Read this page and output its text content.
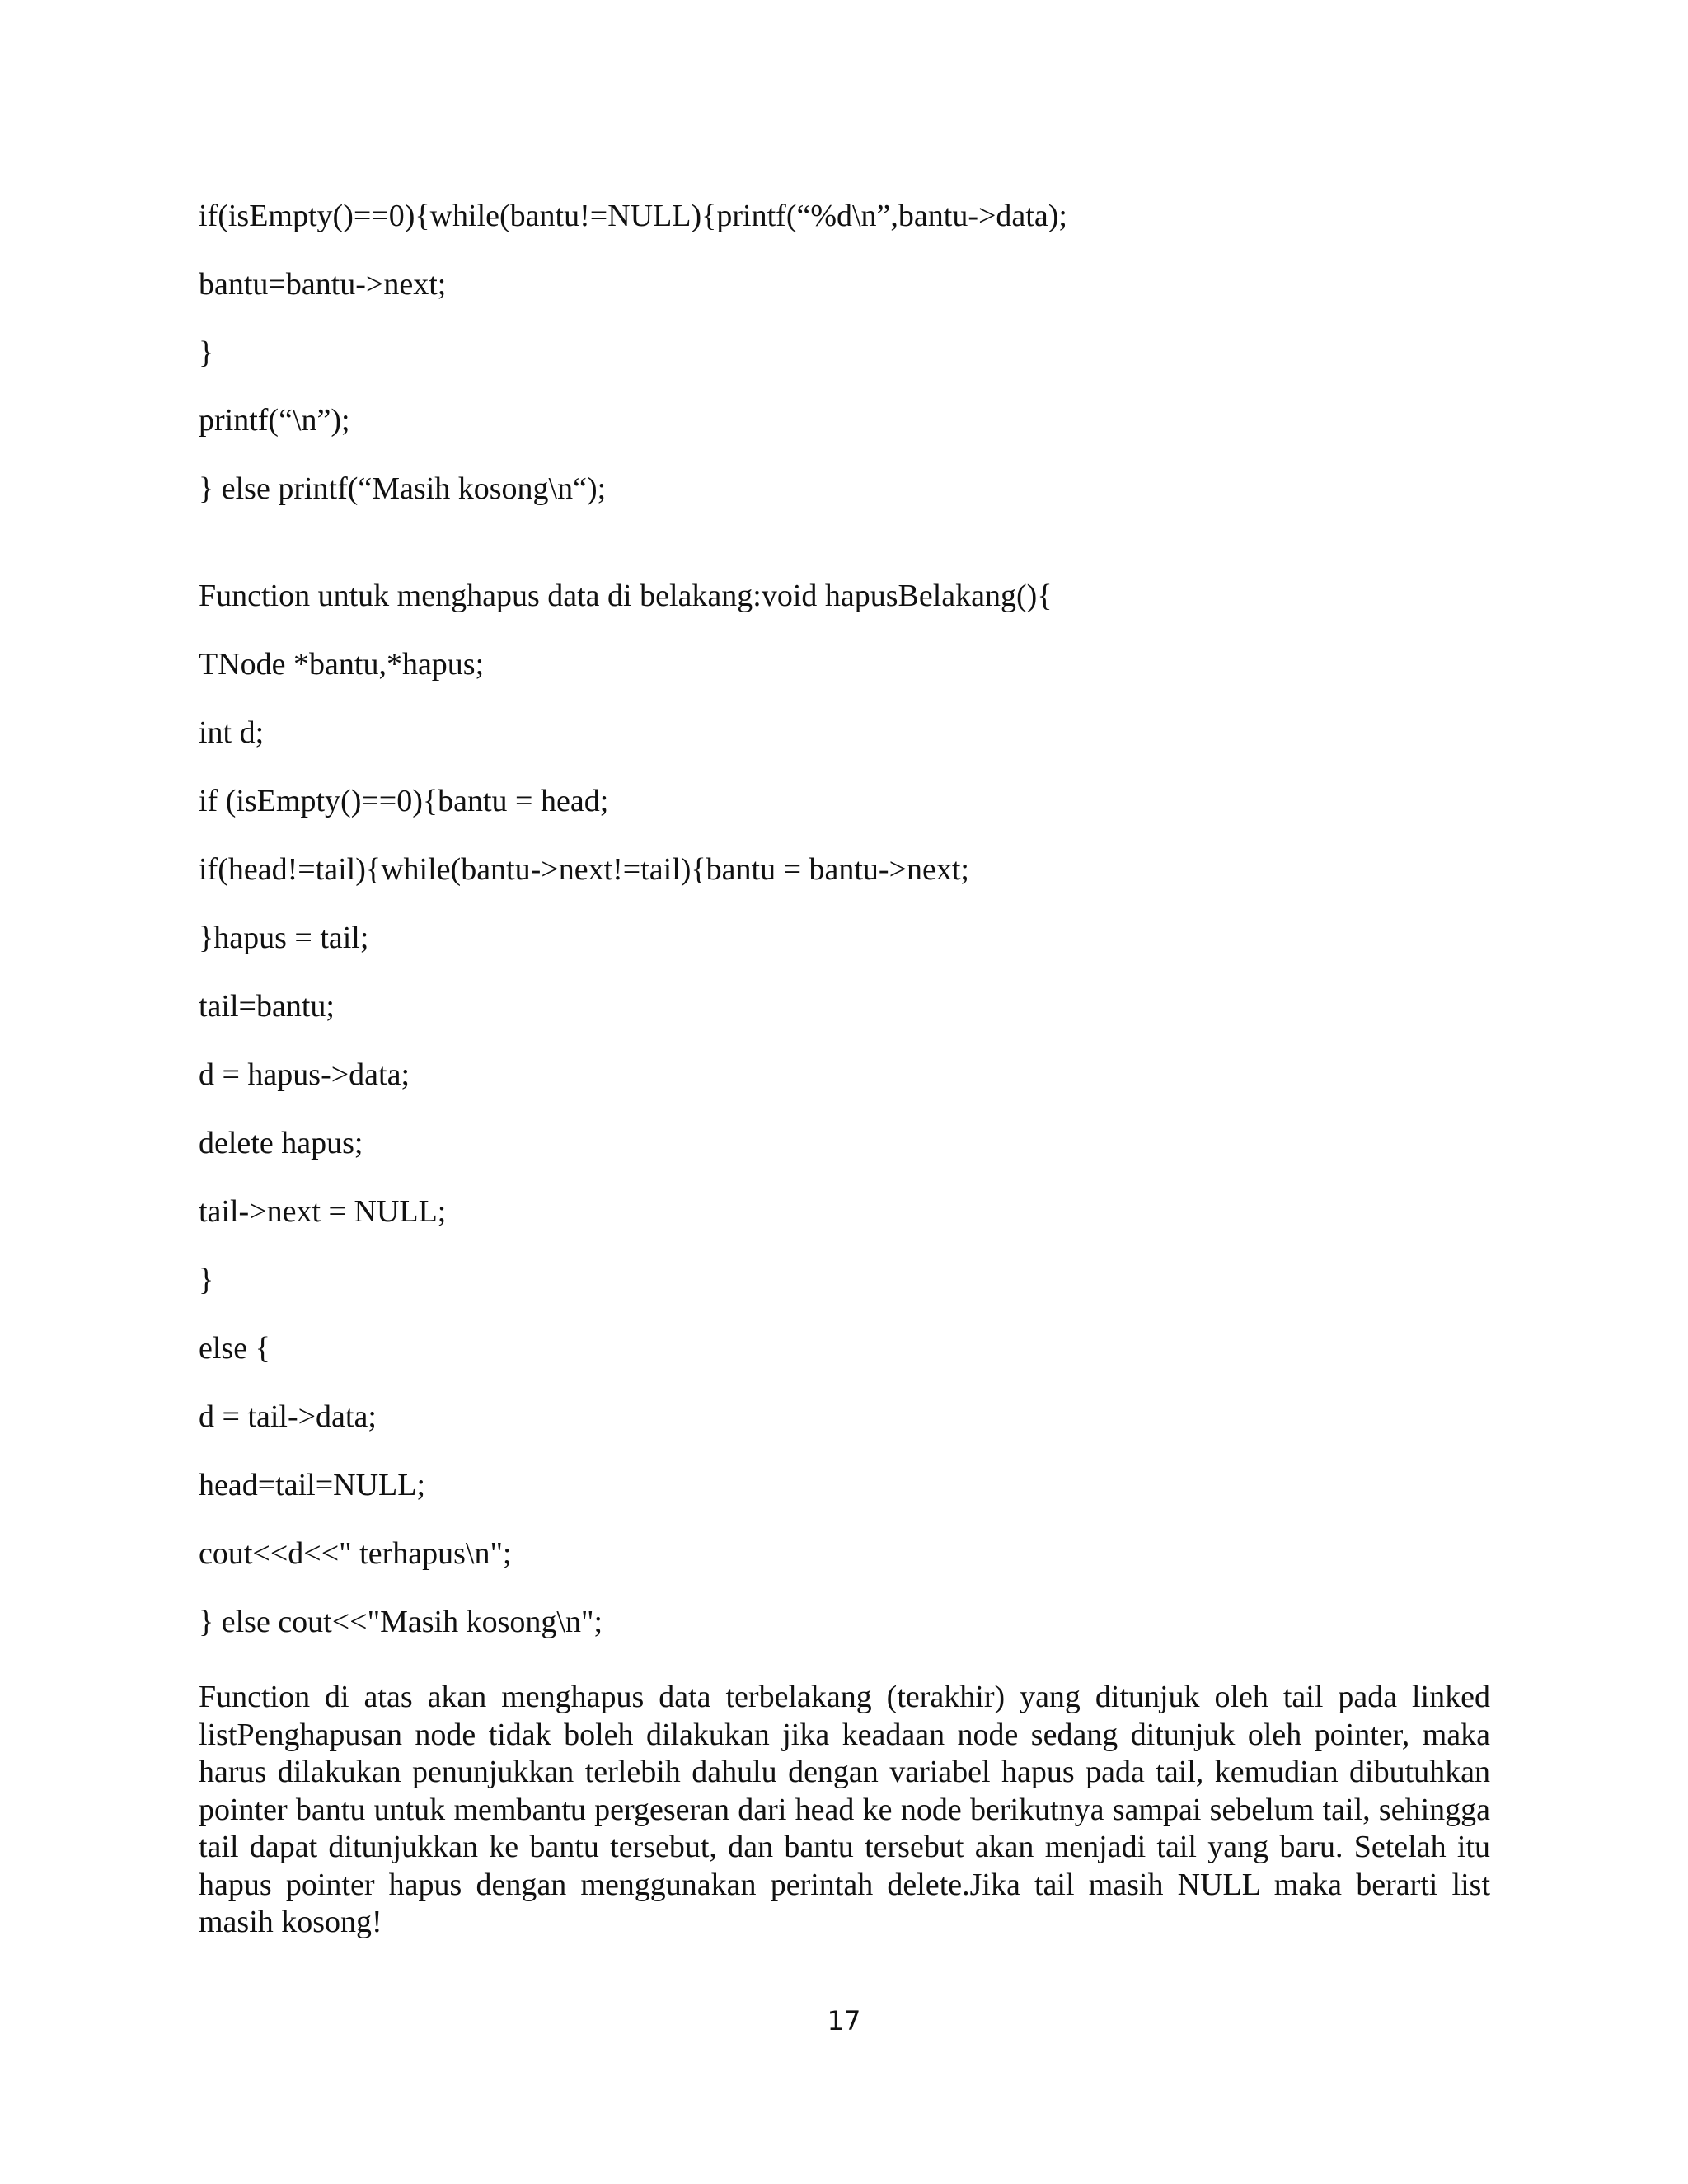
if(isEmpty()==0){while(bantu!=NULL){printf(“%d\n”,bantu->data);
bantu=bantu->next;
}
printf(“\n”);
} else printf(“Masih kosong\n“);
Function untuk menghapus data di belakang:void hapusBelakang(){
TNode *bantu,*hapus;
int d;
if (isEmpty()==0){bantu = head;
if(head!=tail){while(bantu->next!=tail){bantu = bantu->next;
}hapus = tail;
tail=bantu;
d = hapus->data;
delete hapus;
tail->next = NULL;
}
else {
d = tail->data;
head=tail=NULL;
cout<<d<<" terhapus\n";
} else cout<<"Masih kosong\n";
Function di atas akan menghapus data terbelakang (terakhir) yang ditunjuk oleh tail pada linked listPenghapusan node tidak boleh dilakukan jika keadaan node sedang ditunjuk oleh pointer, maka harus dilakukan penunjukkan terlebih dahulu dengan variabel hapus pada tail, kemudian dibutuhkan pointer bantu untuk membantu pergeseran dari head ke node berikutnya sampai sebelum tail, sehingga tail dapat ditunjukkan ke bantu tersebut, dan bantu tersebut akan menjadi tail yang baru. Setelah itu hapus pointer hapus dengan menggunakan perintah delete.Jika tail masih NULL maka berarti list masih kosong!
17
